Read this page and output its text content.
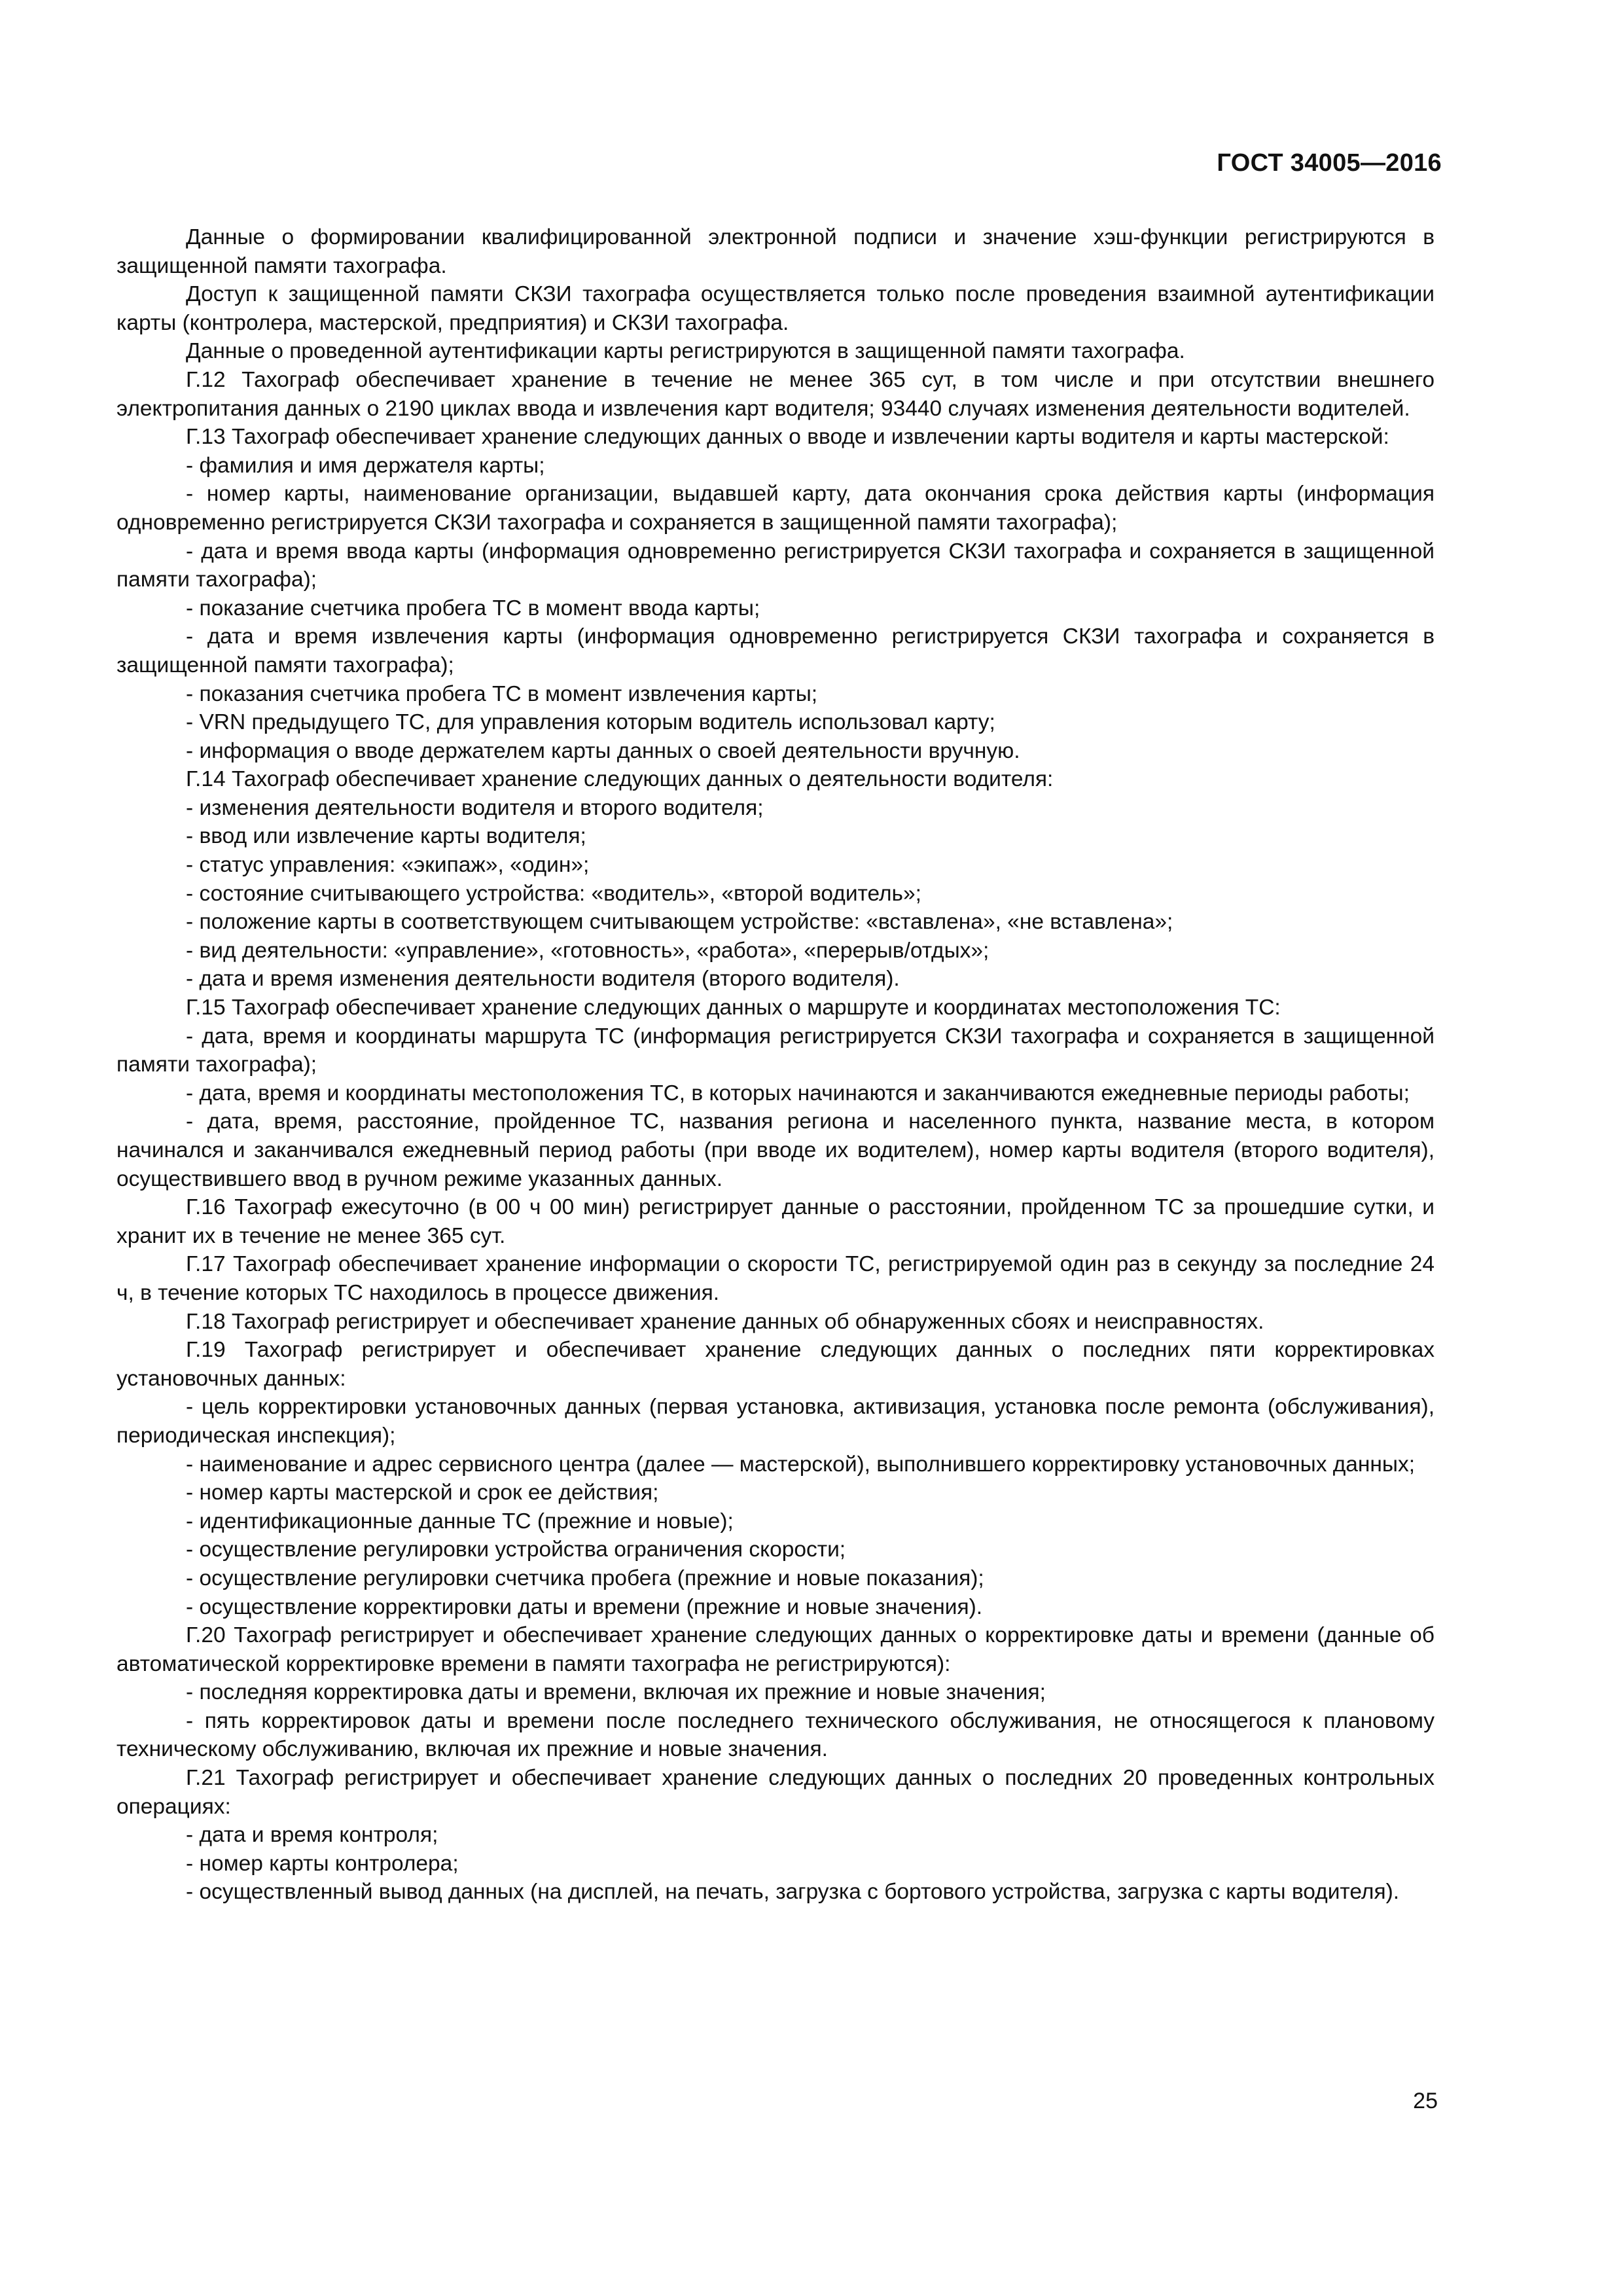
ГОСТ 34005—2016

Данные о формировании квалифицированной электронной подписи и значение хэш-функции регистрируются в защищенной памяти тахографа.

Доступ к защищенной памяти СКЗИ тахографа осуществляется только после проведения взаимной аутентификации карты (контролера, мастерской, предприятия) и СКЗИ тахографа.

Данные о проведенной аутентификации карты регистрируются в защищенной памяти тахографа.

Г.12 Тахограф обеспечивает хранение в течение не менее 365 сут, в том числе и при отсутствии внешнего электропитания данных о 2190 циклах ввода и извлечения карт водителя; 93440 случаях изменения деятельности водителей.

Г.13 Тахограф обеспечивает хранение следующих данных о вводе и извлечении карты водителя и карты мастерской:

- фамилия и имя держателя карты;

- номер карты, наименование организации, выдавшей карту, дата окончания срока действия карты (информация одновременно регистрируется СКЗИ тахографа и сохраняется в защищенной памяти тахографа);

- дата и время ввода карты (информация одновременно регистрируется СКЗИ тахографа и сохраняется в защищенной памяти тахографа);

- показание счетчика пробега ТС в момент ввода карты;

- дата и время извлечения карты (информация одновременно регистрируется СКЗИ тахографа и сохраняется в защищенной памяти тахографа);

- показания счетчика пробега ТС в момент извлечения карты;

- VRN предыдущего ТС, для управления которым водитель использовал карту;

- информация о вводе держателем карты данных о своей деятельности вручную.

Г.14 Тахограф обеспечивает хранение следующих данных о деятельности водителя:

- изменения деятельности водителя и второго водителя;

- ввод или извлечение карты водителя;

- статус управления: «экипаж», «один»;

- состояние считывающего устройства: «водитель», «второй водитель»;

- положение карты в соответствующем считывающем устройстве: «вставлена», «не вставлена»;

- вид деятельности: «управление», «готовность», «работа», «перерыв/отдых»;

- дата и время изменения деятельности водителя (второго водителя).

Г.15 Тахограф обеспечивает хранение следующих данных о маршруте и координатах местоположения ТС:

- дата, время и координаты маршрута ТС (информация регистрируется СКЗИ тахографа и сохраняется в защищенной памяти тахографа);

- дата, время и координаты местоположения ТС, в которых начинаются и заканчиваются ежедневные периоды работы;

- дата, время, расстояние, пройденное ТС, названия региона и населенного пункта, название места, в котором начинался и заканчивался ежедневный период работы (при вводе их водителем), номер карты водителя (второго водителя), осуществившего ввод в ручном режиме указанных данных.

Г.16 Тахограф ежесуточно (в 00 ч 00 мин) регистрирует данные о расстоянии, пройденном ТС за прошедшие сутки, и хранит их в течение не менее 365 сут.

Г.17 Тахограф обеспечивает хранение информации о скорости ТС, регистрируемой один раз в секунду за последние 24 ч, в течение которых ТС находилось в процессе движения.

Г.18 Тахограф регистрирует и обеспечивает хранение данных об обнаруженных сбоях и неисправностях.

Г.19 Тахограф регистрирует и обеспечивает хранение следующих данных о последних пяти корректировках установочных данных:

- цель корректировки установочных данных (первая установка, активизация, установка после ремонта (обслуживания), периодическая инспекция);

- наименование и адрес сервисного центра (далее — мастерской), выполнившего корректировку установочных данных;

- номер карты мастерской и срок ее действия;

- идентификационные данные ТС (прежние и новые);

- осуществление регулировки устройства ограничения скорости;

- осуществление регулировки счетчика пробега (прежние и новые показания);

- осуществление корректировки даты и времени (прежние и новые значения).

Г.20 Тахограф регистрирует и обеспечивает хранение следующих данных о корректировке даты и времени (данные об автоматической корректировке времени в памяти тахографа не регистрируются):

- последняя корректировка даты и времени, включая их прежние и новые значения;

- пять корректировок даты и времени после последнего технического обслуживания, не относящегося к плановому техническому обслуживанию, включая их прежние и новые значения.

Г.21 Тахограф регистрирует и обеспечивает хранение следующих данных о последних 20 проведенных контрольных операциях:

- дата и время контроля;

- номер карты контролера;

- осуществленный вывод данных (на дисплей, на печать, загрузка с бортового устройства, загрузка с карты водителя).

25
